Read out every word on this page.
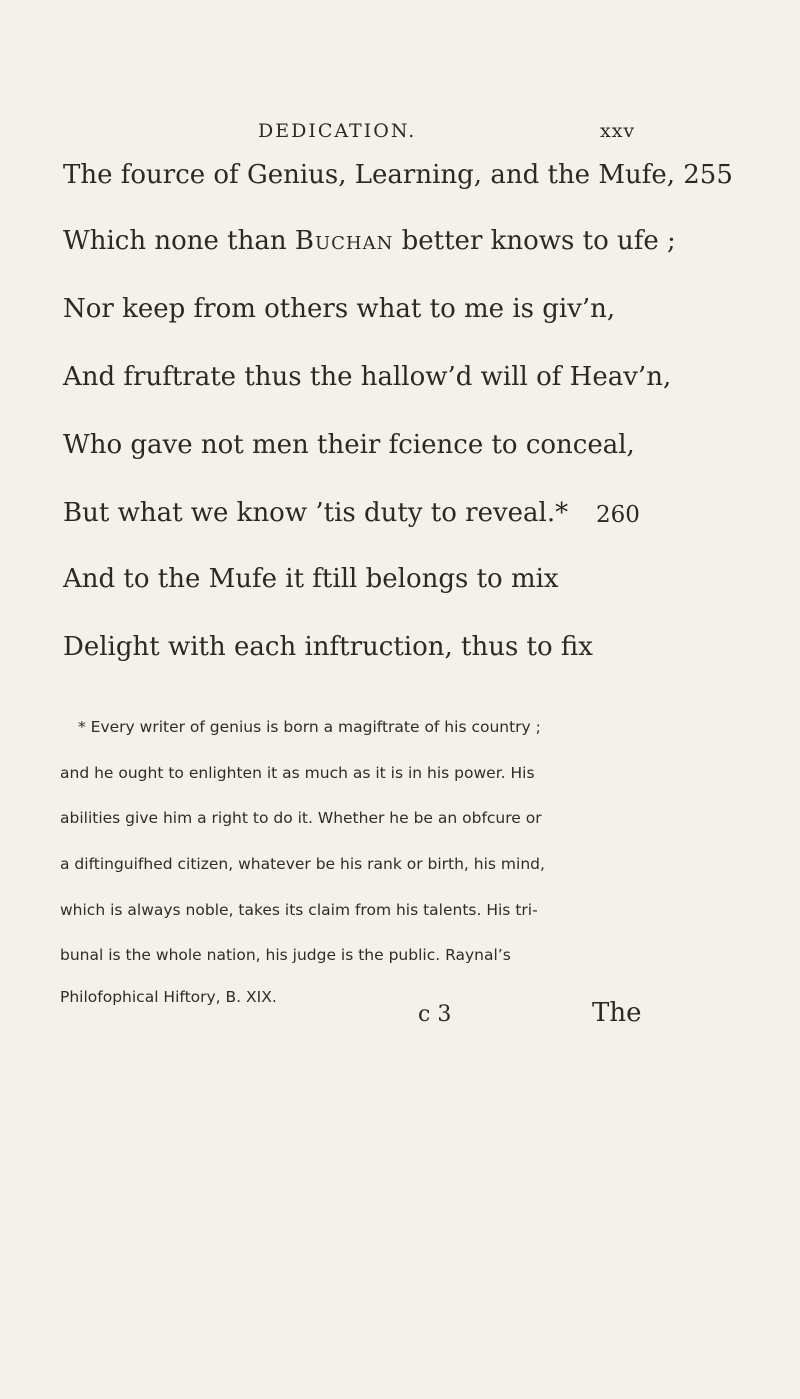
DEDICATION.	xxv
The fource of Genius, Learning, and the Mufe, 255
Which none than Buchan better knows to ufe ;
Nor keep from others what to me is giv’n,
And fruftrate thus the hallow’d will of Heav’n,
Who gave not men their fcience to conceal,
But what we know ’tis duty to reveal.* 260
And to the Mufe it ftill belongs to mix
Delight with each inftruction, thus to fix
* Every writer of genius is born a magiftrate of his country ;
and he ought to enlighten it as much as it is in his power. His
abilities give him a right to do it. Whether he be an obfcure or
a diftinguifhed citizen, whatever be his rank or birth, his mind,
which is always noble, takes its claim from his talents. His tri-
bunal is the whole nation, his judge is the public. Raynal’s
Philofophical Hiftory, B. XIX.
c 3	The
